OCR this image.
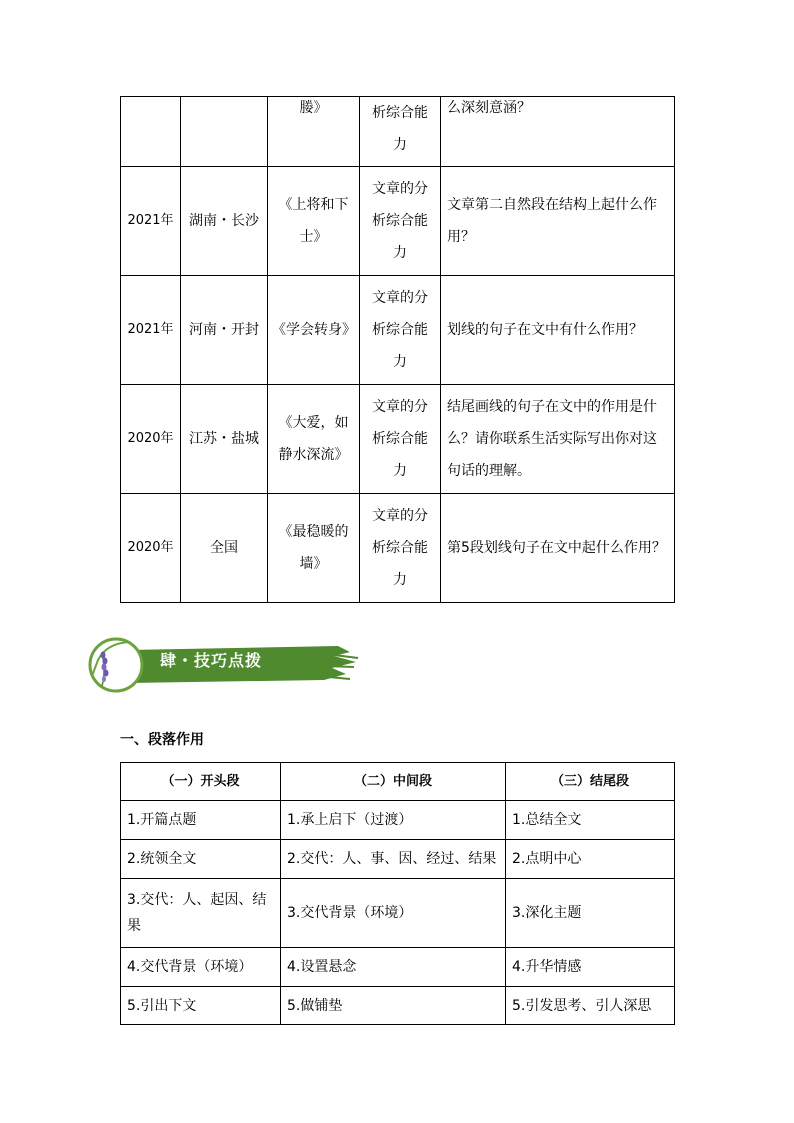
		媵》	析综合能力	么深刻意涵？
2021年	湖南・长沙	《上将和下士》	文章的分析综合能力	文章第二自然段在结构上起什么作用？
2021年	河南・开封	《学会转身》	文章的分析综合能力	划线的句子在文中有什么作用？
2020年	江苏・盐城	《大爱，如静水深流》	文章的分析综合能力	结尾画线的句子在文中的作用是什么？请你联系生活实际写出你对这句话的理解。
2020年	全国	《最稳暖的墙》	文章的分析综合能力	第5段划线句子在文中起什么作用？
肆・技巧点拨
一、段落作用
（一）开头段	（二）中间段	（三）结尾段
1.开篇点题	1.承上启下（过渡）	1.总结全文
2.统领全文	2.交代：人、事、因、经过、结果	2.点明中心
3.交代：人、起因、结果	3.交代背景（环境）	3.深化主题
4.交代背景（环境）	4.设置悬念	4.升华情感
5.引出下文	5.做铺垫	5.引发思考、引人深思
